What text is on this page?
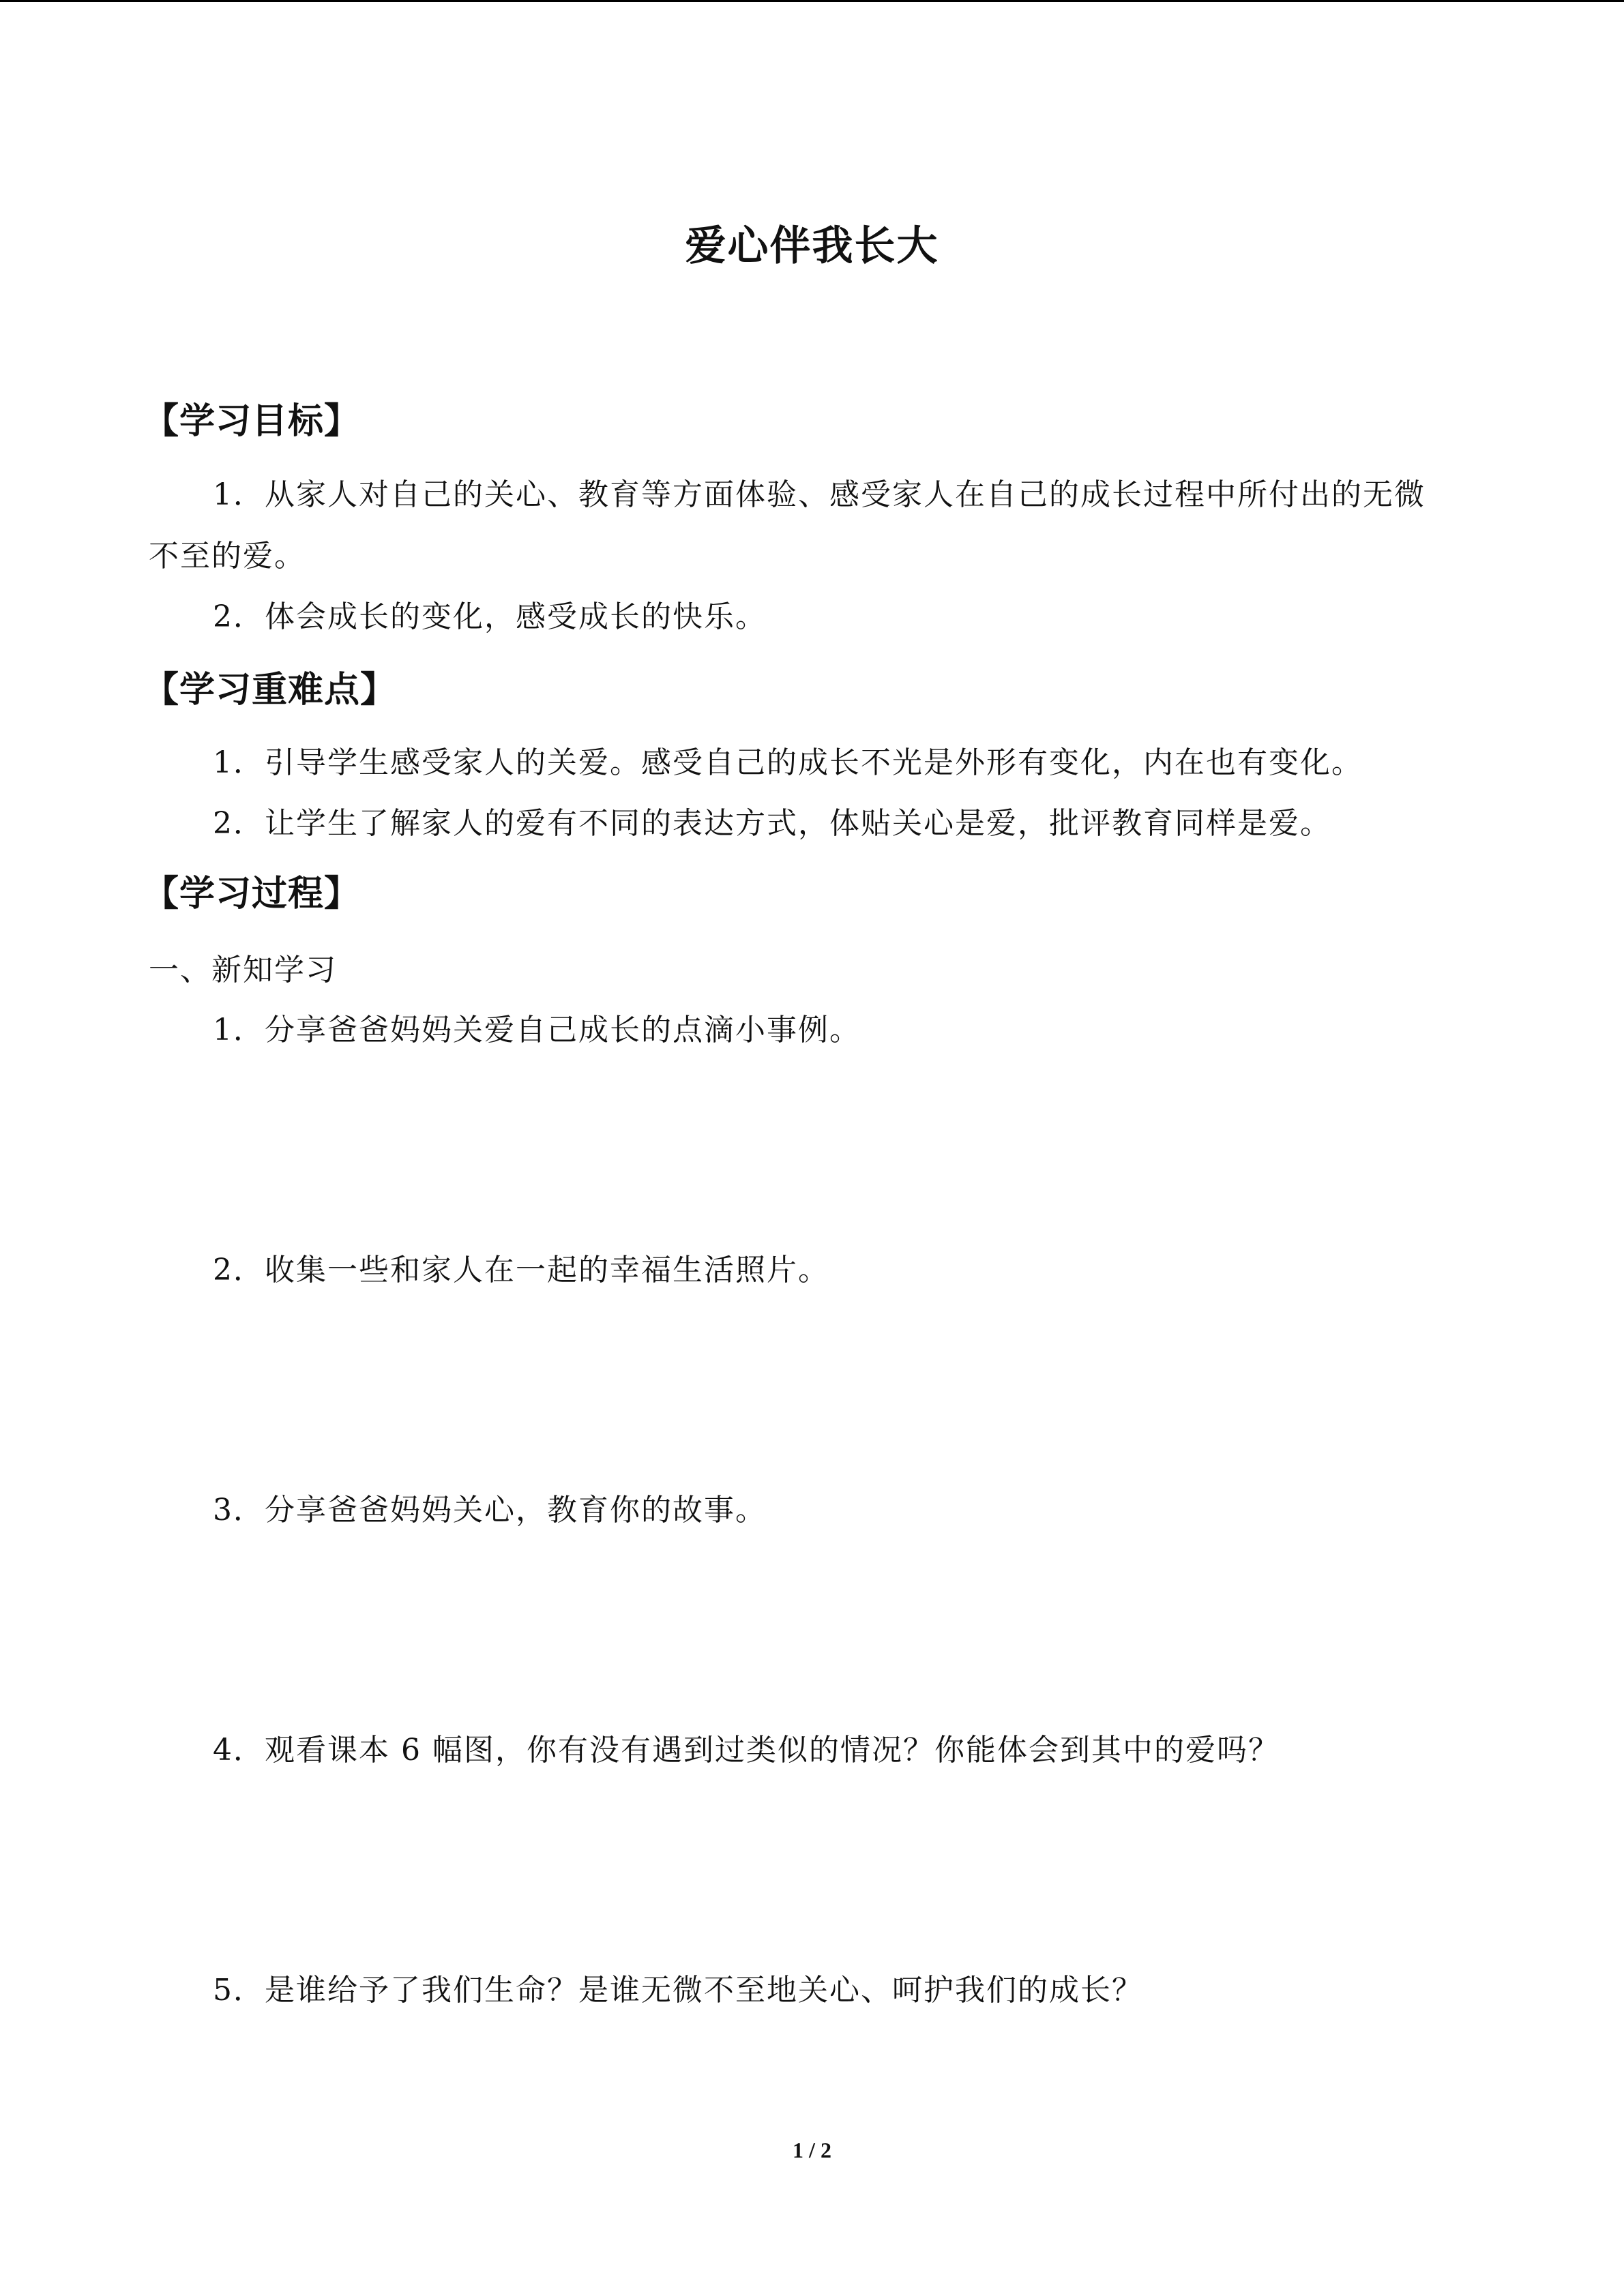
爱心伴我长大
【学习目标】
1．从家人对自己的关心、教育等方面体验、感受家人在自己的成长过程中所付出的无微
不至的爱。
2．体会成长的变化，感受成长的快乐。
【学习重难点】
1．引导学生感受家人的关爱。感受自己的成长不光是外形有变化，内在也有变化。
2．让学生了解家人的爱有不同的表达方式，体贴关心是爱，批评教育同样是爱。
【学习过程】
一、新知学习
1．分享爸爸妈妈关爱自己成长的点滴小事例。
2．收集一些和家人在一起的幸福生活照片。
3．分享爸爸妈妈关心，教育你的故事。
4．观看课本 6 幅图，你有没有遇到过类似的情况？你能体会到其中的爱吗？
5．是谁给予了我们生命？是谁无微不至地关心、呵护我们的成长？
1 / 2
